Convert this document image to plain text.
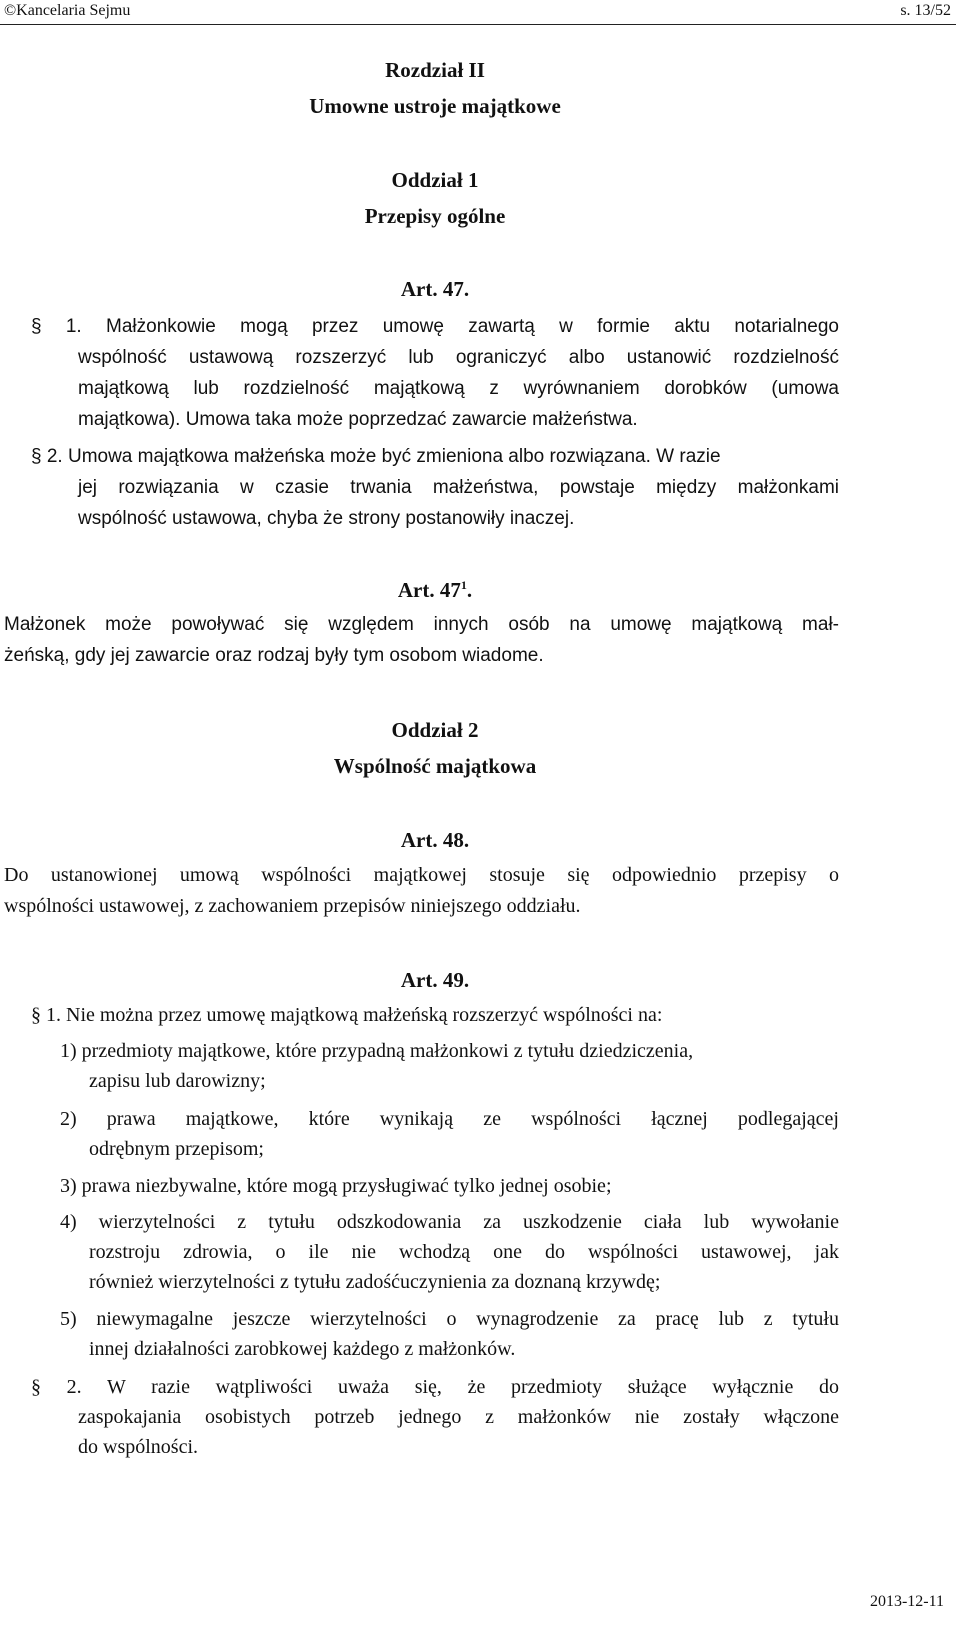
©Kancelaria Sejmu	s. 13/52
Rozdział II
Umowne ustroje majątkowe
Oddział 1
Przepisy ogólne
Art. 47.
§ 1. Małżonkowie mogą przez umowę zawartą w formie aktu notarialnego
wspólność ustawową rozszerzyć lub ograniczyć albo ustanowić rozdzielność
majątkową lub rozdzielność majątkową z wyrównaniem dorobków (umowa
majątkowa). Umowa taka może poprzedzać zawarcie małżeństwa.
§ 2. Umowa majątkowa małżeńska może być zmieniona albo rozwiązana. W razie
jej rozwiązania w czasie trwania małżeństwa, powstaje między małżonkami
wspólność ustawowa, chyba że strony postanowiły inaczej.
Art. $47^1$.
Małżonek może powoływać się względem innych osób na umowę majątkową mał-
żeńską, gdy jej zawarcie oraz rodzaj były tym osobom wiadome.
Oddział 2
Wspólność majątkowa
Art. 48.
Do ustanowionej umową wspólności majątkowej stosuje się odpowiednio przepisy o
wspólności ustawowej, z zachowaniem przepisów niniejszego oddziału.
Art. 49.
§ 1. Nie można przez umowę majątkową małżeńską rozszerzyć wspólności na:
1) przedmioty majątkowe, które przypadną małżonkowi z tytułu dziedziczenia,
zapisu lub darowizny;
2) prawa majątkowe, które wynikają ze wspólności łącznej podlegającej
odrębnym przepisom;
3) prawa niezbywalne, które mogą przysługiwać tylko jednej osobie;
4) wierzytelności z tytułu odszkodowania za uszkodzenie ciała lub wywołanie
rozstroju zdrowia, o ile nie wchodzą one do wspólności ustawowej, jak
również wierzytelności z tytułu zadośćuczynienia za doznaną krzywdę;
5) niewymagalne jeszcze wierzytelności o wynagrodzenie za pracę lub z tytułu
innej działalności zarobkowej każdego z małżonków.
§ 2. W razie wątpliwości uważa się, że przedmioty służące wyłącznie do
zaspokajania osobistych potrzeb jednego z małżonków nie zostały włączone
do wspólności.
2013-12-11
